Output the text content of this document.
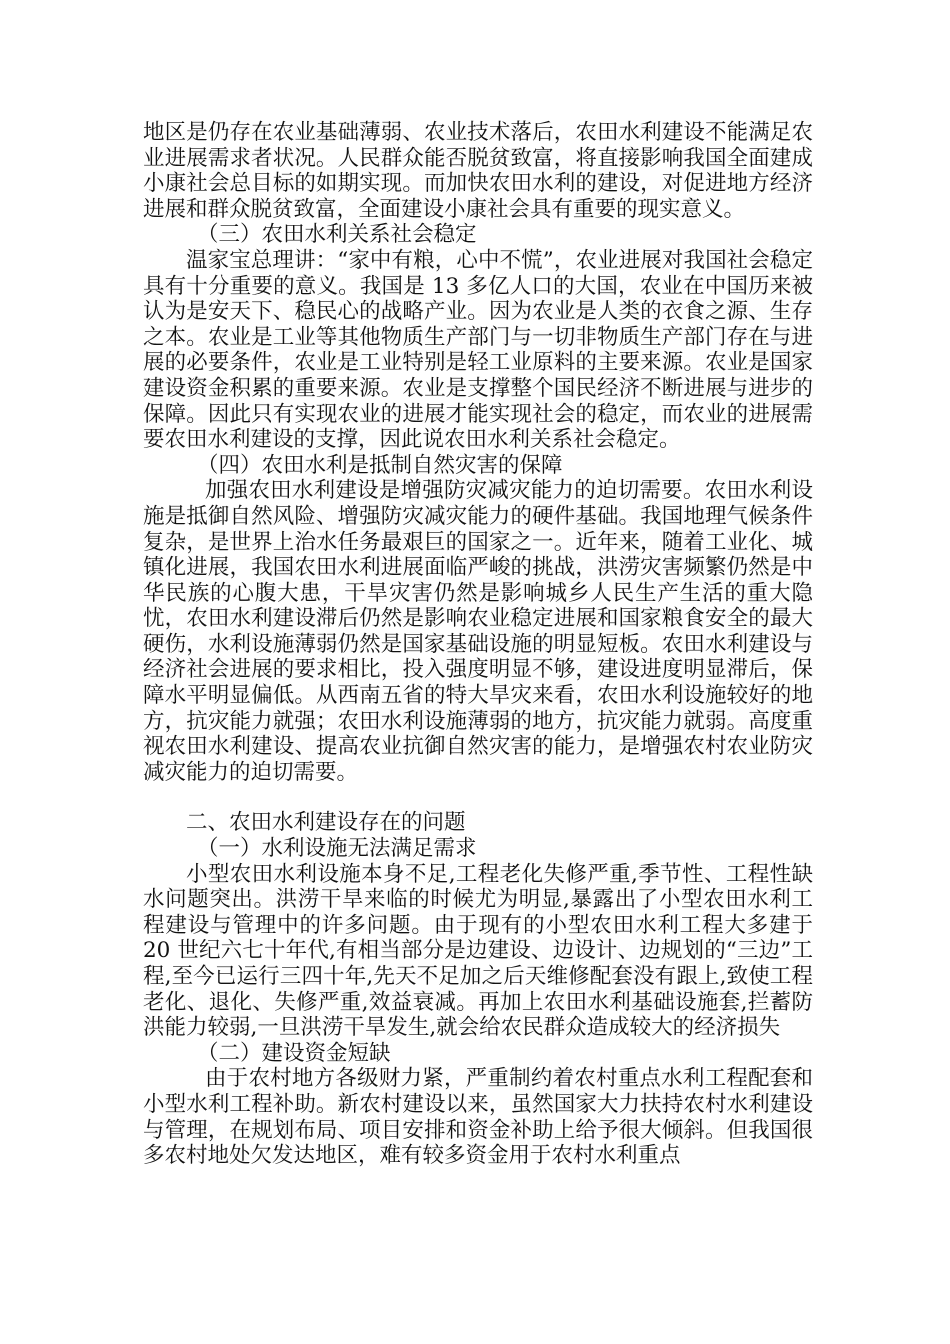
地区是仍存在农业基础薄弱、农业技术落后，农田水利建设不能满足农业进展需求者状况。人民群众能否脱贫致富，将直接影响我国全面建成小康社会总目标的如期实现。而加快农田水利的建设，对促进地方经济进展和群众脱贫致富，全面建设小康社会具有重要的现实意义。

（三）农田水利关系社会稳定

温家宝总理讲：“家中有粮，心中不慌”，农业进展对我国社会稳定具有十分重要的意义。我国是 13 多亿人口的大国，农业在中国历来被认为是安天下、稳民心的战略产业。因为农业是人类的衣食之源、生存之本。农业是工业等其他物质生产部门与一切非物质生产部门存在与进展的必要条件，农业是工业特别是轻工业原料的主要来源。农业是国家建设资金积累的重要来源。农业是支撑整个国民经济不断进展与进步的保障。因此只有实现农业的进展才能实现社会的稳定，而农业的进展需要农田水利建设的支撑，因此说农田水利关系社会稳定。

（四）农田水利是抵制自然灾害的保障

加强农田水利建设是增强防灾减灾能力的迫切需要。农田水利设施是抵御自然风险、增强防灾减灾能力的硬件基础。我国地理气候条件复杂，是世界上治水任务最艰巨的国家之一。近年来，随着工业化、城镇化进展，我国农田水利进展面临严峻的挑战，洪涝灾害频繁仍然是中华民族的心腹大患，干旱灾害仍然是影响城乡人民生产生活的重大隐忧，农田水利建设滞后仍然是影响农业稳定进展和国家粮食安全的最大硬伤，水利设施薄弱仍然是国家基础设施的明显短板。农田水利建设与经济社会进展的要求相比，投入强度明显不够，建设进度明显滞后，保障水平明显偏低。从西南五省的特大旱灾来看，农田水利设施较好的地方，抗灾能力就强；农田水利设施薄弱的地方，抗灾能力就弱。高度重视农田水利建设、提高农业抗御自然灾害的能力，是增强农村农业防灾减灾能力的迫切需要。

二、农田水利建设存在的问题

（一）水利设施无法满足需求

小型农田水利设施本身不足,工程老化失修严重,季节性、工程性缺水问题突出。洪涝干旱来临的时候尤为明显,暴露出了小型农田水利工程建设与管理中的许多问题。由于现有的小型农田水利工程大多建于 20 世纪六七十年代,有相当部分是边建设、边设计、边规划的“三边”工程,至今已运行三四十年,先天不足加之后天维修配套没有跟上,致使工程老化、退化、失修严重,效益衰减。再加上农田水利基础设施套,拦蓄防洪能力较弱,一旦洪涝干旱发生,就会给农民群众造成较大的经济损失

（二）建设资金短缺

由于农村地方各级财力紧，严重制约着农村重点水利工程配套和小型水利工程补助。新农村建设以来，虽然国家大力扶持农村水利建设与管理，在规划布局、项目安排和资金补助上给予很大倾斜。但我国很多农村地处欠发达地区，难有较多资金用于农村水利重点
